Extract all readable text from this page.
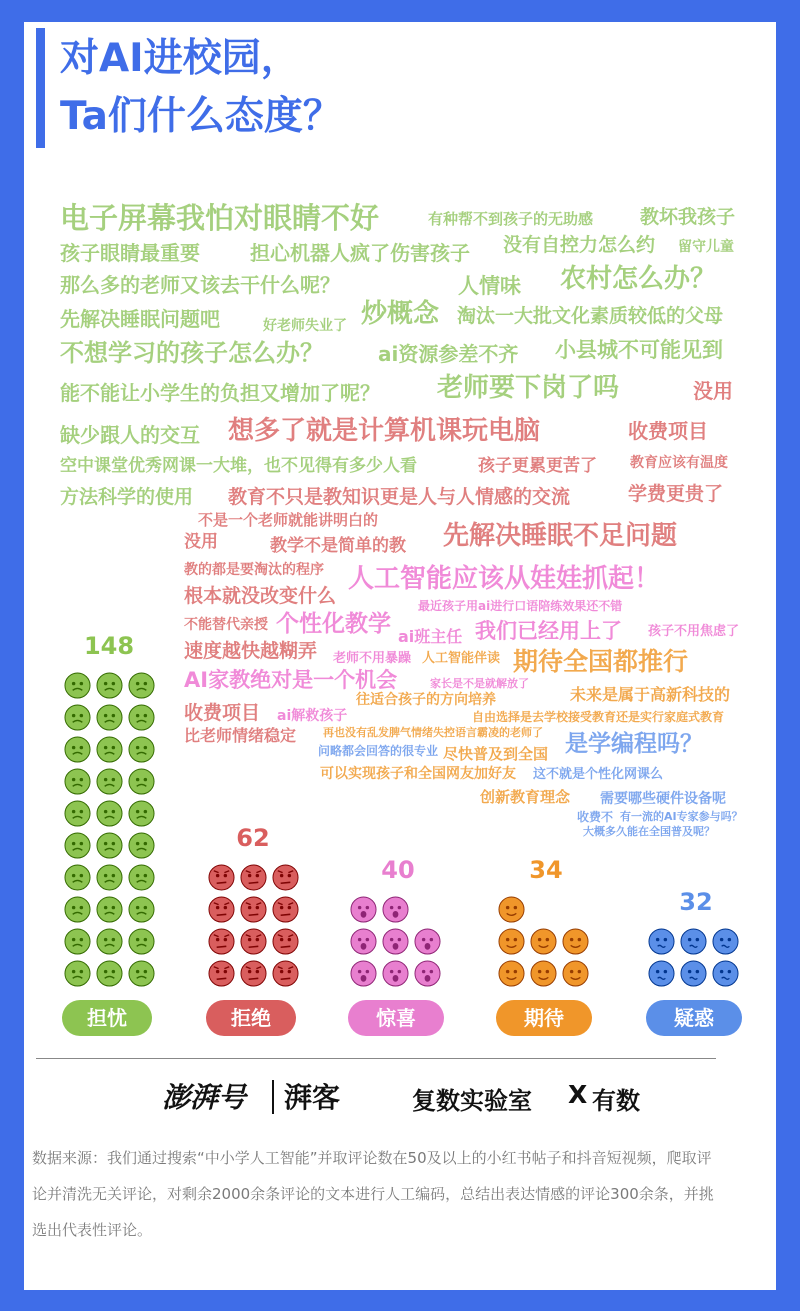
对AI进校园，
Ta们什么态度？
电子屏幕我怕对眼睛不好	有种帮不到孩子的无助感 教坏我孩子
孩子眼睛最重要	担心机器人疯了伤害孩子 没有自控力怎么约 留守儿童
那么多的老师又该去干什么呢？	人情味 农村怎么办？
先解决睡眠问题吧	好老师失业了 炒概念 淘汰一大批文化素质较低的父母
不想学习的孩子怎么办？	ai资源参差不齐 小县城不可能见到
能不能让小学生的负担又增加了呢？ 老师要下岗了吗
缺少跟人的交互
空中课堂优秀网课一大堆，也不见得有多少人看
方法科学的使用
没用
想多了就是计算机课玩电脑	收费项目
孩子更累更苦了 教育应该有温度
教育不只是教知识更是人与人情感的交流	学费更贵了
不是一个老师就能讲明白的
没用	教学不是简单的教 先解决睡眠不足问题
教的都是要淘汰的程序
根本就没改变什么
不能替代亲授
速度越快越糊弄
收费项目
比老师情绪稳定
人工智能应该从娃娃抓起！
最近孩子用ai进行口语陪练效果还不错
个性化教学 ai班主任 我们已经用上了 孩子不用焦虑了
老师不用暴躁
AI家教绝对是一个机会	家长是不是就解放了
ai解救孩子
人工智能伴读 期待全国都推行
往适合孩子的方向培养	未来是属于高新科技的
自由选择是去学校接受教育还是实行家庭式教育
再也没有乱发脾气情绪失控语言霸凌的老师了
尽快普及到全国
可以实现孩子和全国网友加好友
创新教育理念
是学编程吗？
问略都会回答的很专业
这不就是个性化网课么
需要哪些硬件设备呢
收费不 有一流的AI专家参与吗？
大概多久能在全国普及呢？
148
担忧
62
拒绝
40
惊喜
34
期待
32
疑惑
澎湃号 湃客	复数实验室 X 有数

数据来源：我们通过搜索“中小学人工智能”并取评论数在50及以上的小红书帖子和抖音短视频，爬取评论并清洗无关评论，对剩余2000余条评论的文本进行人工编码，总结出表达情感的评论300余条，并挑选出代表性评论。
